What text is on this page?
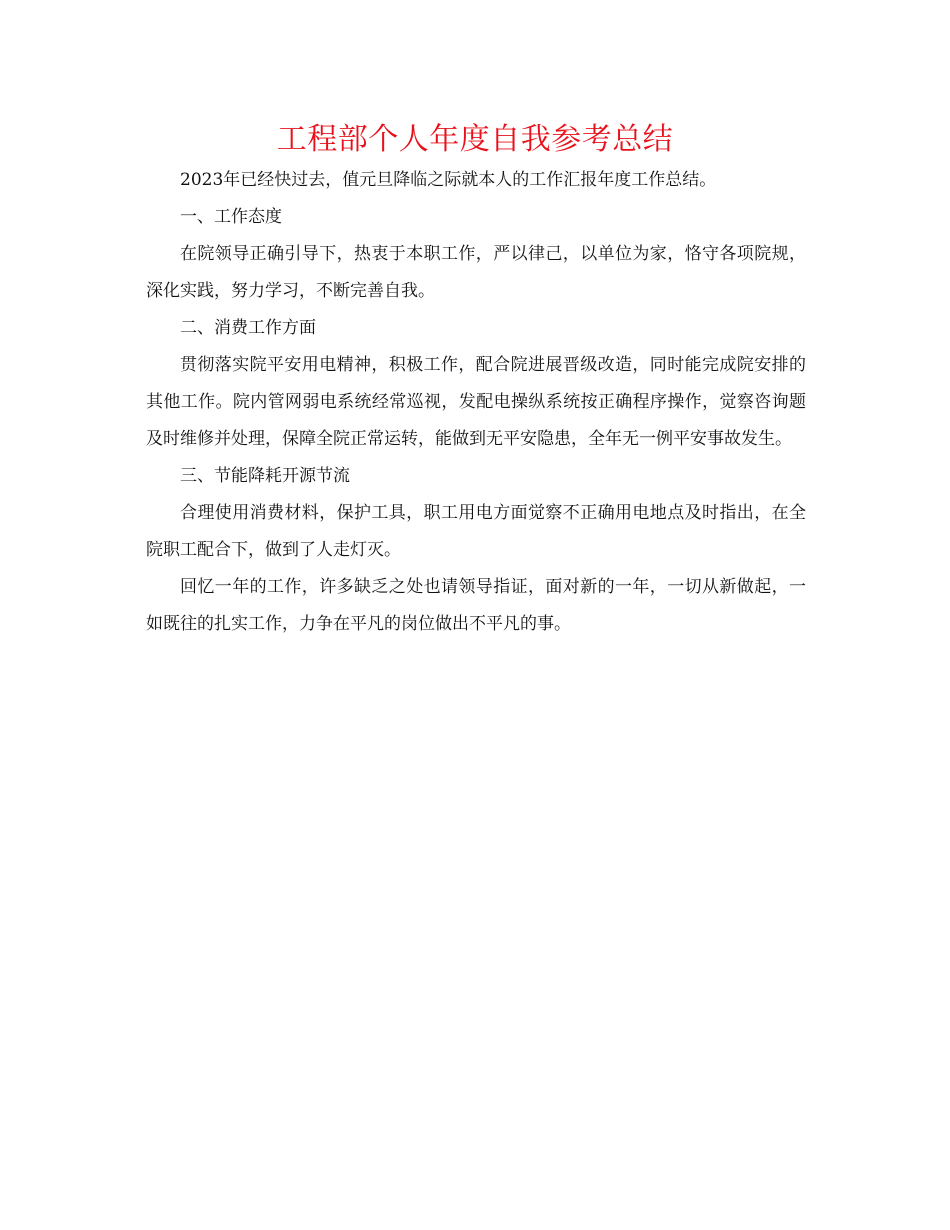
工程部个人年度自我参考总结

2023年已经快过去，值元旦降临之际就本人的工作汇报年度工作总结。

一、工作态度

在院领导正确引导下，热衷于本职工作，严以律己，以单位为家，恪守各项院规，深化实践，努力学习，不断完善自我。

二、消费工作方面

贯彻落实院平安用电精神，积极工作，配合院进展晋级改造，同时能完成院安排的其他工作。院内管网弱电系统经常巡视，发配电操纵系统按正确程序操作，觉察咨询题及时维修并处理，保障全院正常运转，能做到无平安隐患，全年无一例平安事故发生。

三、节能降耗开源节流

合理使用消费材料，保护工具，职工用电方面觉察不正确用电地点及时指出，在全院职工配合下，做到了人走灯灭。

回忆一年的工作，许多缺乏之处也请领导指证，面对新的一年，一切从新做起，一如既往的扎实工作，力争在平凡的岗位做出不平凡的事。
